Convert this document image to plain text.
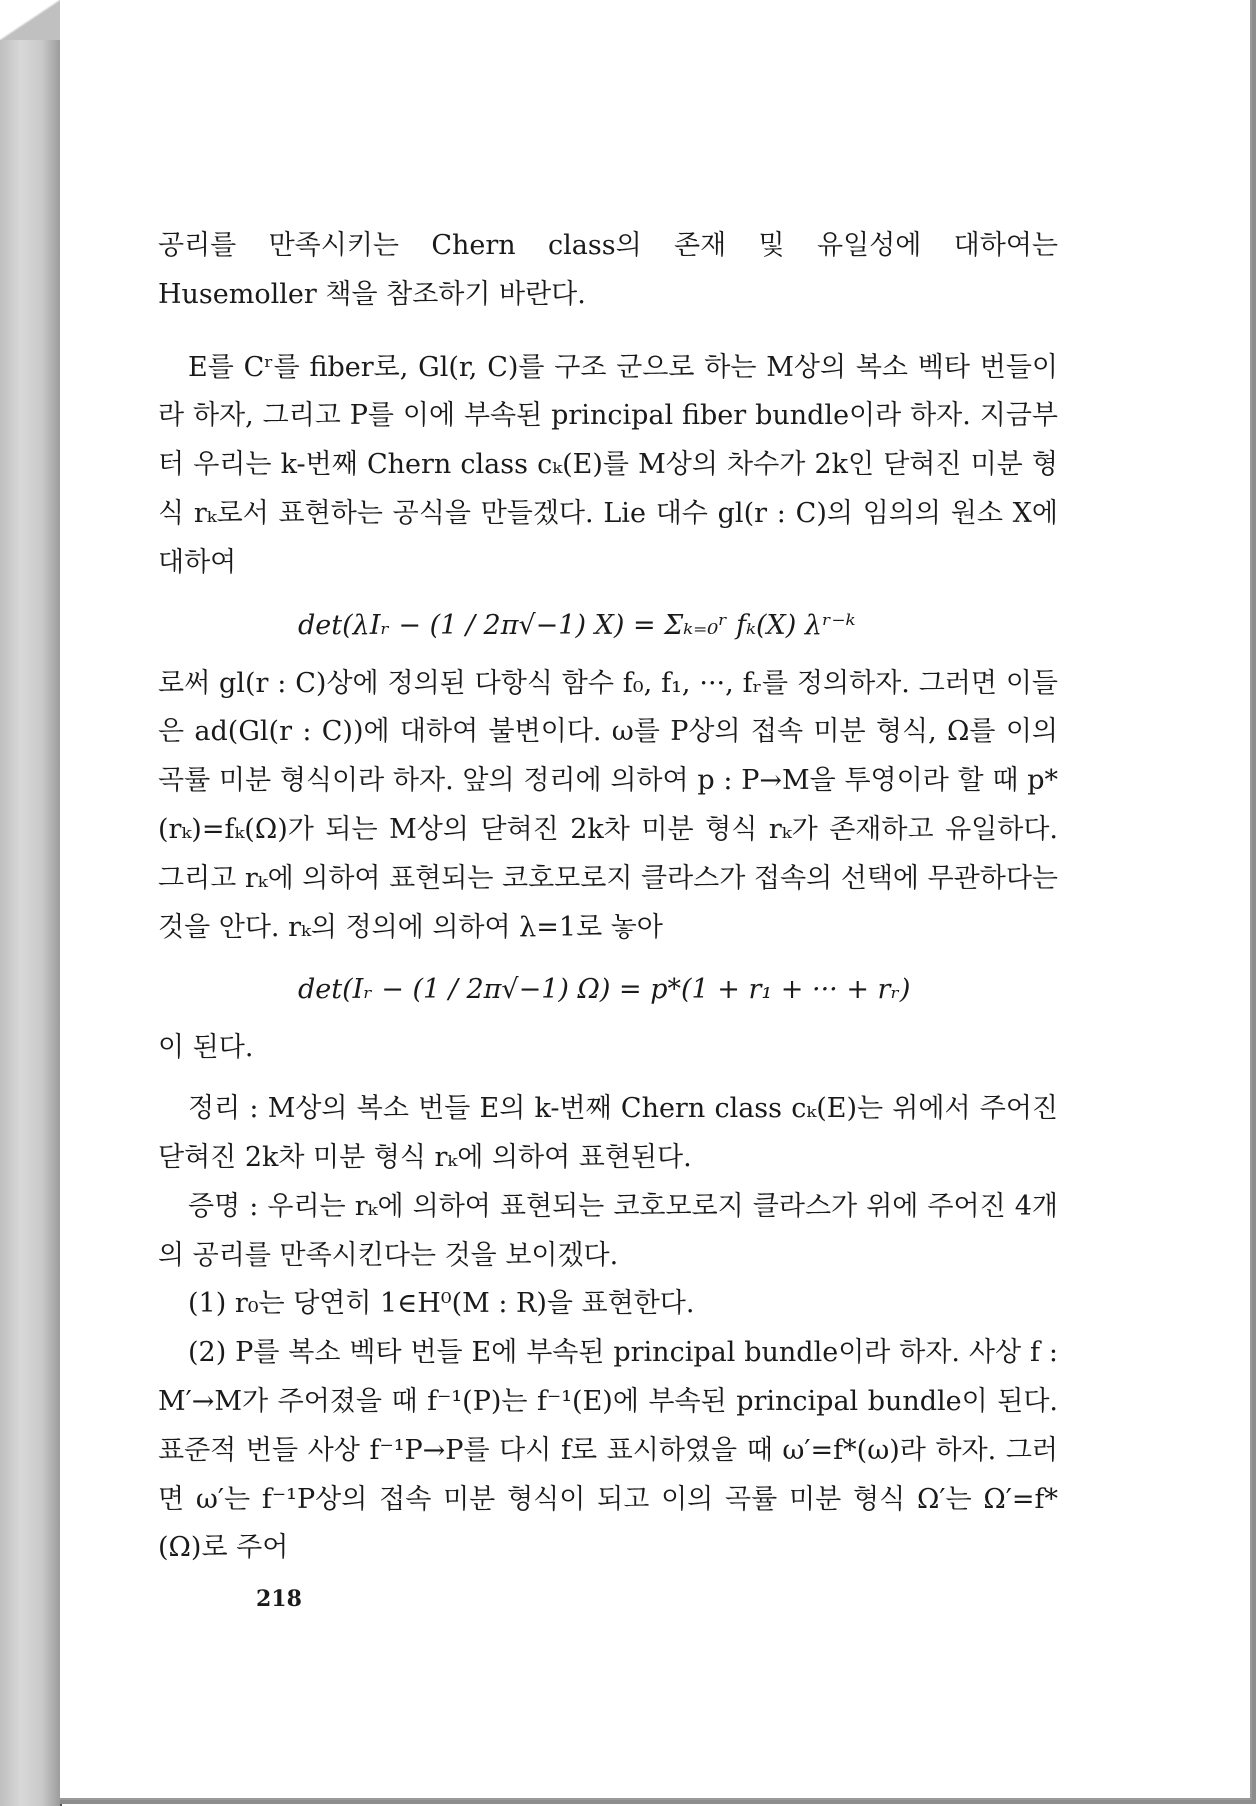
공리를 만족시키는 Chern class의 존재 및 유일성에 대하여는 Husemoller 책을 참조하기 바란다.

E를 Cʳ를 fiber로, Gl(r, C)를 구조 군으로 하는 M상의 복소 벡타 번들이라 하자, 그리고 P를 이에 부속된 principal fiber bundle이라 하자. 지금부터 우리는 k-번째 Chern class cₖ(E)를 M상의 차수가 2k인 닫혀진 미분 형식 rₖ로서 표현하는 공식을 만들겠다. Lie 대수 gl(r : C)의 임의의 원소 X에 대하여

det(λIᵣ − (1 / 2π√−1) X) = Σₖ₌₀ʳ fₖ(X) λʳ⁻ᵏ

로써 gl(r : C)상에 정의된 다항식 함수 f₀, f₁, ···, fᵣ를 정의하자. 그러면 이들은 ad(Gl(r : C))에 대하여 불변이다. ω를 P상의 접속 미분 형식, Ω를 이의 곡률 미분 형식이라 하자. 앞의 정리에 의하여 p : P→M을 투영이라 할 때 p*(rₖ)=fₖ(Ω)가 되는 M상의 닫혀진 2k차 미분 형식 rₖ가 존재하고 유일하다. 그리고 rₖ에 의하여 표현되는 코호모로지 클라스가 접속의 선택에 무관하다는 것을 안다. rₖ의 정의에 의하여 λ=1로 놓아

det(Iᵣ − (1 / 2π√−1) Ω) = p*(1 + r₁ + ··· + rᵣ)

이 된다.

정리 : M상의 복소 번들 E의 k-번째 Chern class cₖ(E)는 위에서 주어진 닫혀진 2k차 미분 형식 rₖ에 의하여 표현된다.

증명 : 우리는 rₖ에 의하여 표현되는 코호모로지 클라스가 위에 주어진 4개의 공리를 만족시킨다는 것을 보이겠다.

(1) r₀는 당연히 1∈H⁰(M : R)을 표현한다.

(2) P를 복소 벡타 번들 E에 부속된 principal bundle이라 하자. 사상 f : M′→M가 주어졌을 때 f⁻¹(P)는 f⁻¹(E)에 부속된 principal bundle이 된다. 표준적 번들 사상 f⁻¹P→P를 다시 f로 표시하였을 때 ω′=f*(ω)라 하자. 그러면 ω′는 f⁻¹P상의 접속 미분 형식이 되고 이의 곡률 미분 형식 Ω′는 Ω′=f*(Ω)로 주어

218
